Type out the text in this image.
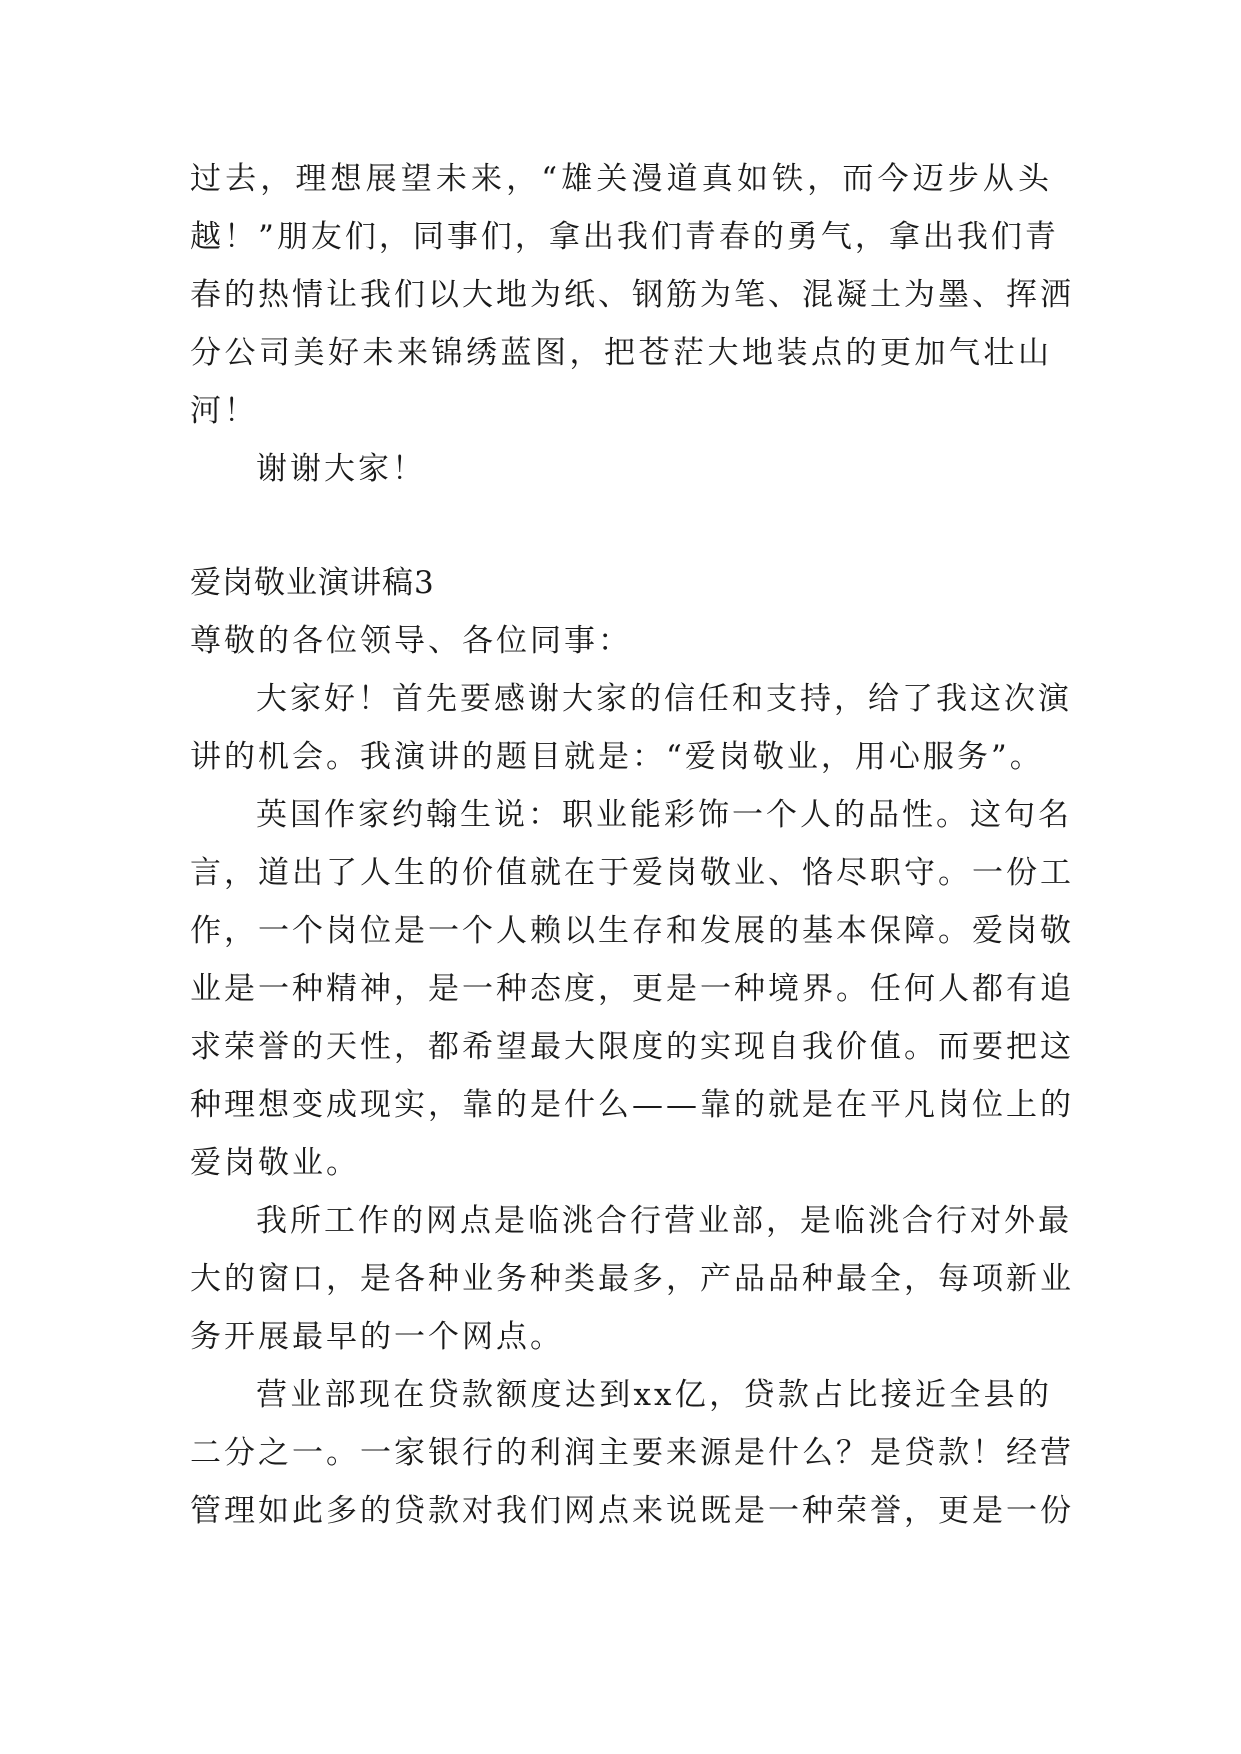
过去，理想展望未来，“雄关漫道真如铁，而今迈步从头
越！”朋友们，同事们，拿出我们青春的勇气，拿出我们青
春的热情让我们以大地为纸、钢筋为笔、混凝土为墨、挥洒
分公司美好未来锦绣蓝图，把苍茫大地装点的更加气壮山
河！
谢谢大家！
爱岗敬业演讲稿3
尊敬的各位领导、各位同事：
大家好！首先要感谢大家的信任和支持，给了我这次演
讲的机会。我演讲的题目就是：“爱岗敬业，用心服务”。
英国作家约翰生说：职业能彩饰一个人的品性。这句名
言，道出了人生的价值就在于爱岗敬业、恪尽职守。一份工
作，一个岗位是一个人赖以生存和发展的基本保障。爱岗敬
业是一种精神，是一种态度，更是一种境界。任何人都有追
求荣誉的天性，都希望最大限度的实现自我价值。而要把这
种理想变成现实，靠的是什么——靠的就是在平凡岗位上的
爱岗敬业。
我所工作的网点是临洮合行营业部，是临洮合行对外最
大的窗口，是各种业务种类最多，产品品种最全，每项新业
务开展最早的一个网点。
营业部现在贷款额度达到xx亿，贷款占比接近全县的
二分之一。一家银行的利润主要来源是什么？是贷款！经营
管理如此多的贷款对我们网点来说既是一种荣誉，更是一份
